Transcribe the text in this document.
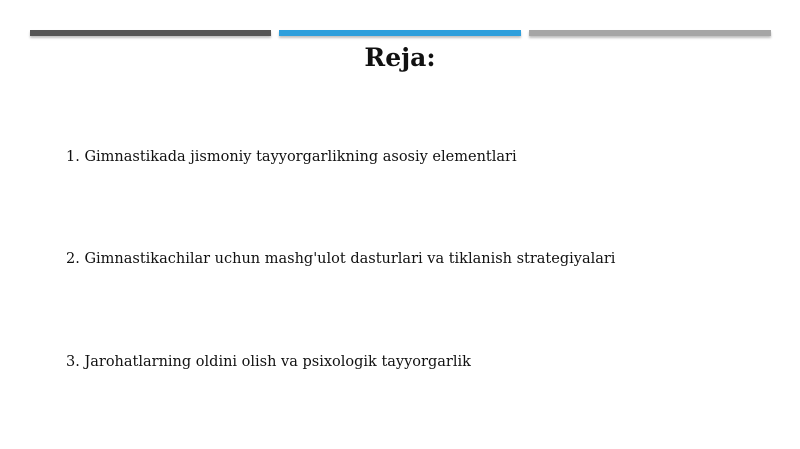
Reja:
1. Gimnastikada jismoniy tayyorgarlikning asosiy elementlari
2. Gimnastikachilar uchun mashg'ulot dasturlari va tiklanish strategiyalari
3. Jarohatlarning oldini olish va psixologik tayyorgarlik
